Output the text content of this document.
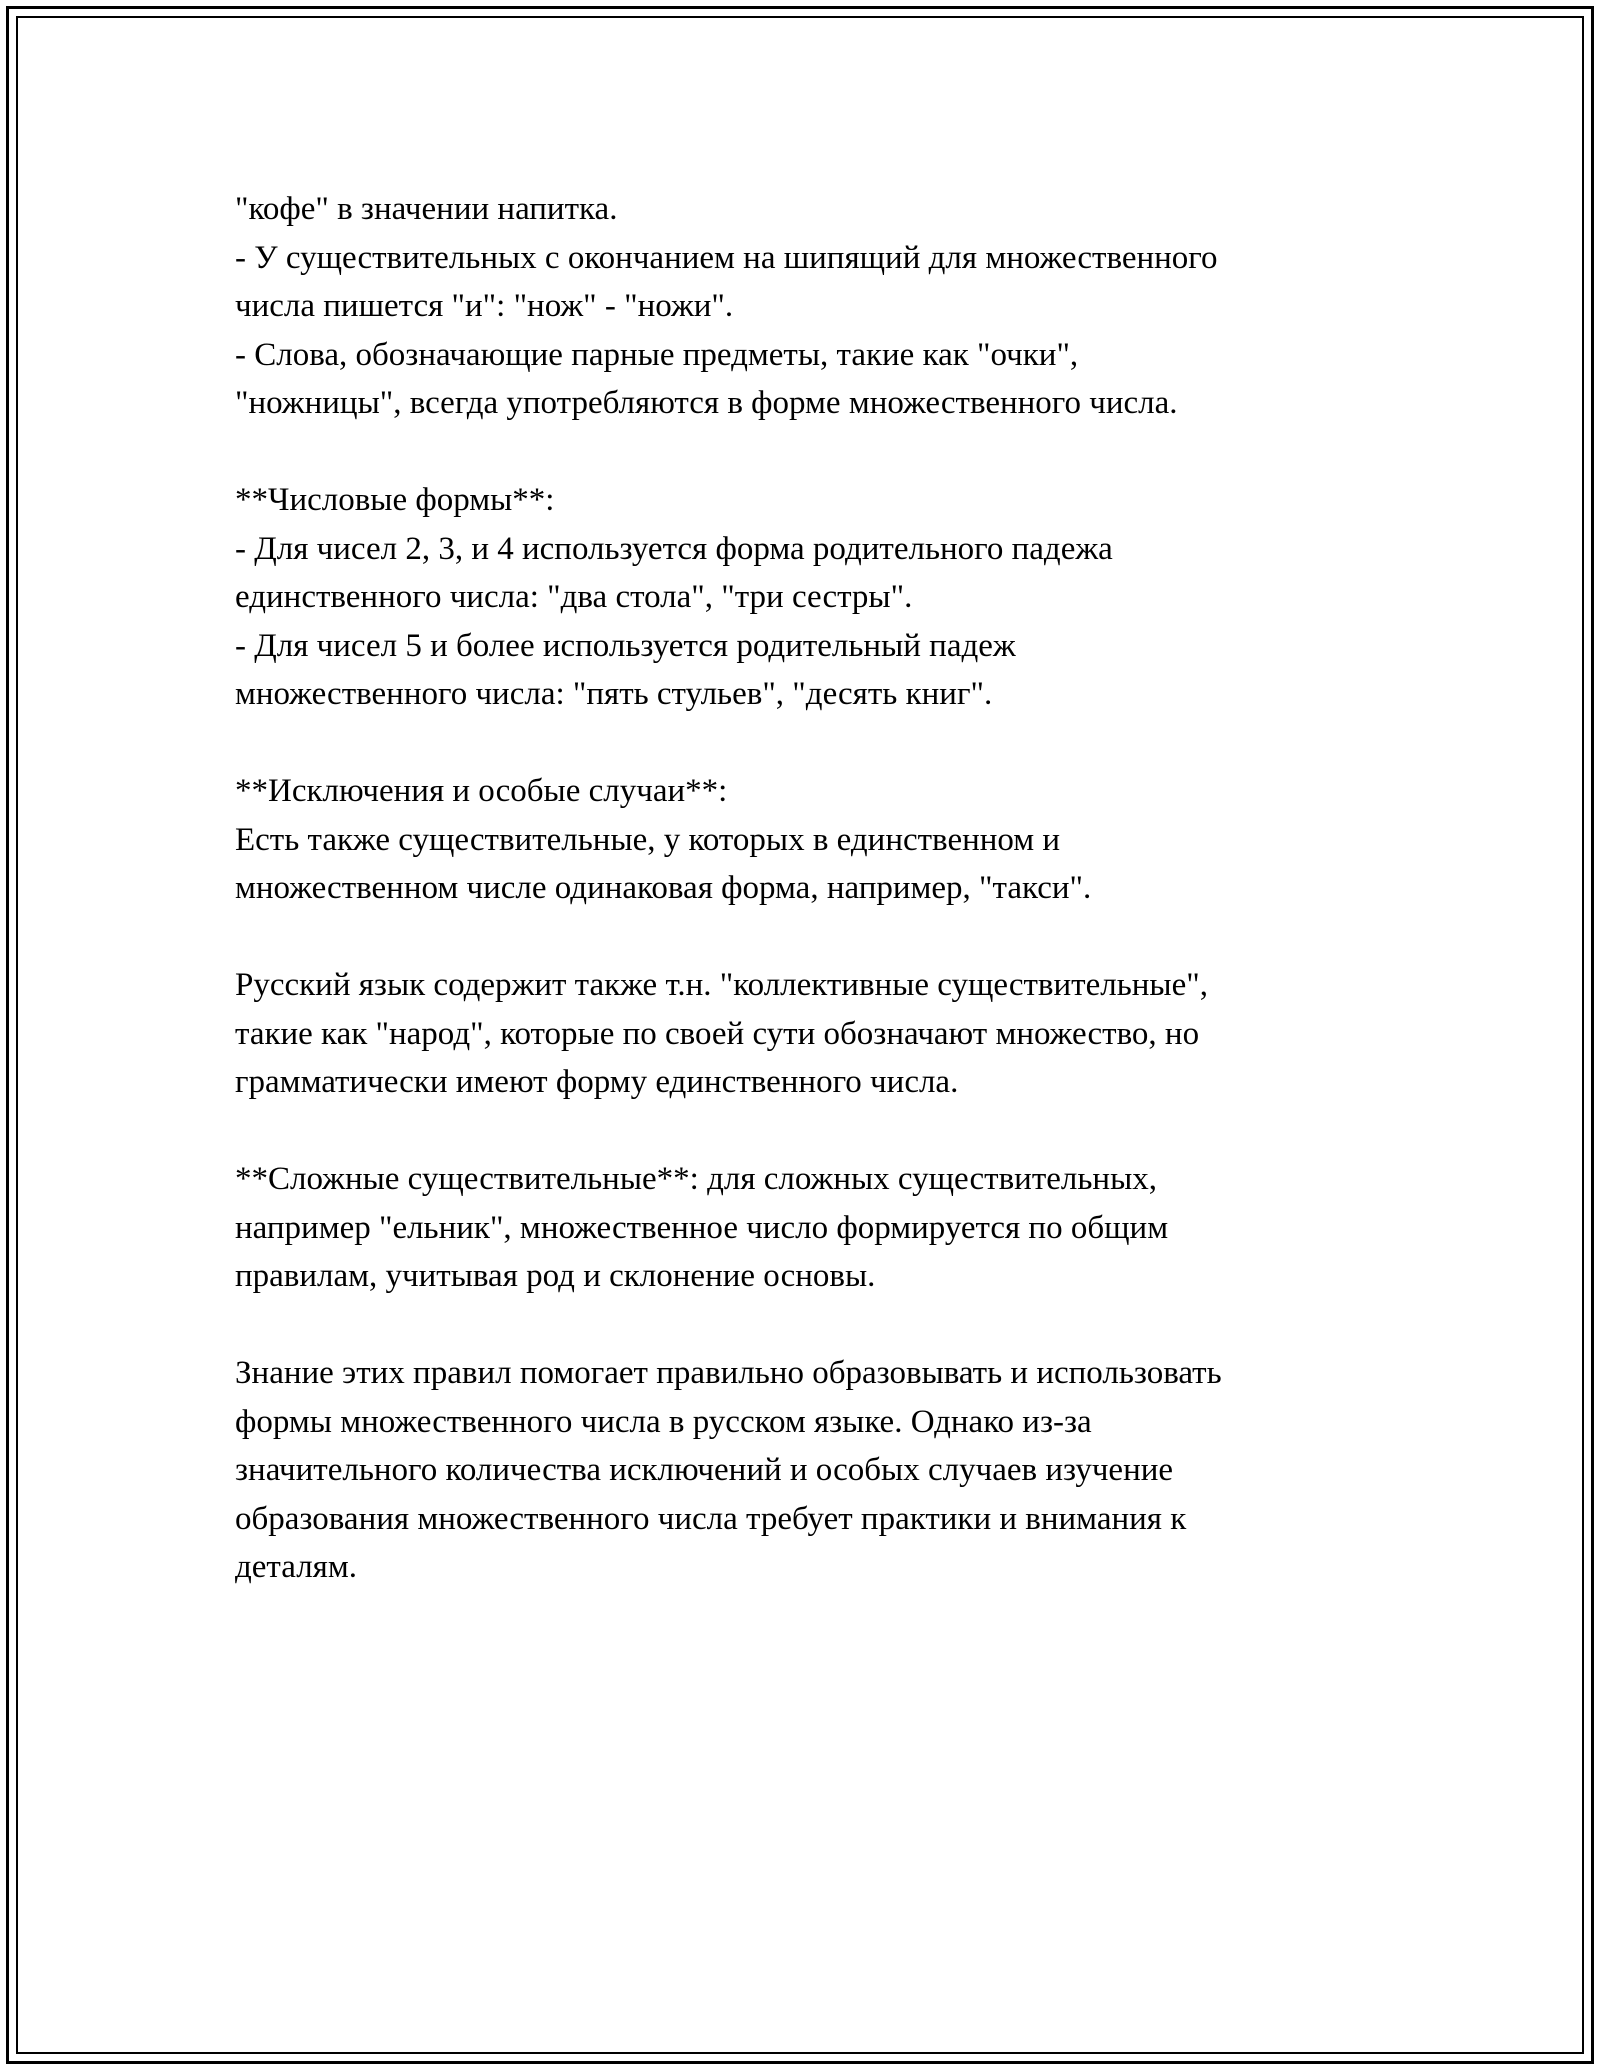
"кофе" в значении напитка.
- У существительных с окончанием на шипящий для множественного
числа пишется "и": "нож" - "ножи".
- Слова, обозначающие парные предметы, такие как "очки",
"ножницы", всегда употребляются в форме множественного числа.
**Числовые формы**:
- Для чисел 2, 3, и 4 используется форма родительного падежа
единственного числа: "два стола", "три сестры".
- Для чисел 5 и более используется родительный падеж
множественного числа: "пять стульев", "десять книг".
**Исключения и особые случаи**:
Есть также существительные, у которых в единственном и
множественном числе одинаковая форма, например, "такси".
Русский язык содержит также т.н. "коллективные существительные",
такие как "народ", которые по своей сути обозначают множество, но
грамматически имеют форму единственного числа.
**Сложные существительные**: для сложных существительных,
например "ельник", множественное число формируется по общим
правилам, учитывая род и склонение основы.
Знание этих правил помогает правильно образовывать и использовать
формы множественного числа в русском языке. Однако из-за
значительного количества исключений и особых случаев изучение
образования множественного числа требует практики и внимания к
деталям.
